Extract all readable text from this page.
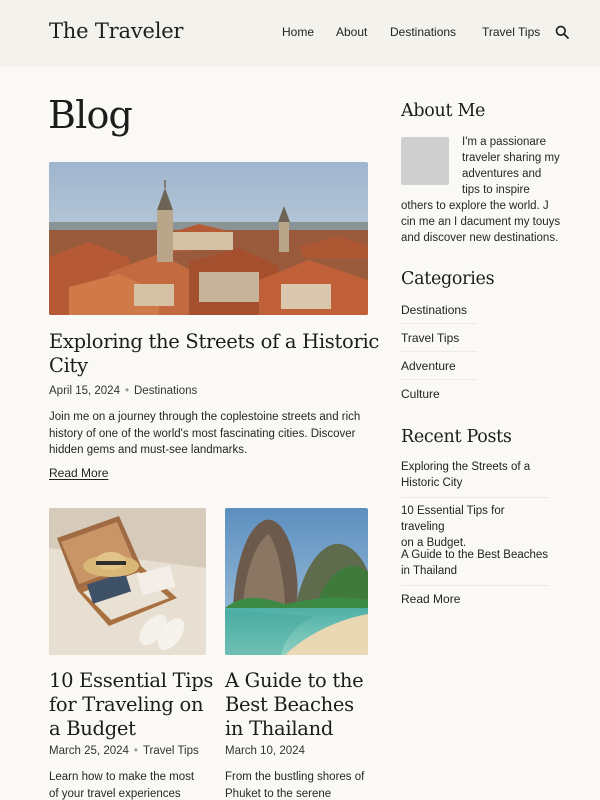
The Traveler	Home About Destinations Travel Tips
Blog
Exploring the Streets of a Historic
City
April 15, 2024 • Destinations
Join me on a journey through the coplestoine streets and rich
history of one of the world's most fascinating cities. Discover
hidden gems and must-see landmarks.
Read More
10 Essential Tips
for Traveling on
a Budget
March 25, 2024 • Travel Tips
Learn how to make the most
of your travel experiences
A Guide to the
Best Beaches
in Thailand
March 10, 2024
From the bustling shores of
Phuket to the serene
About Me
I'm a passionare
traveler sharing my
adventures and
tips to inspire
others to explore the world. J
cin me an I dacument my touys
and discover new destinations.
Categories
Destinations
Travel Tips
Adventure
Culture
Recent Posts
Exploring the Streets of a
Historic City
10 Essential Tips for traveling
on a Budget.
A Guide to the Best Beaches
in Thailand
Read More
